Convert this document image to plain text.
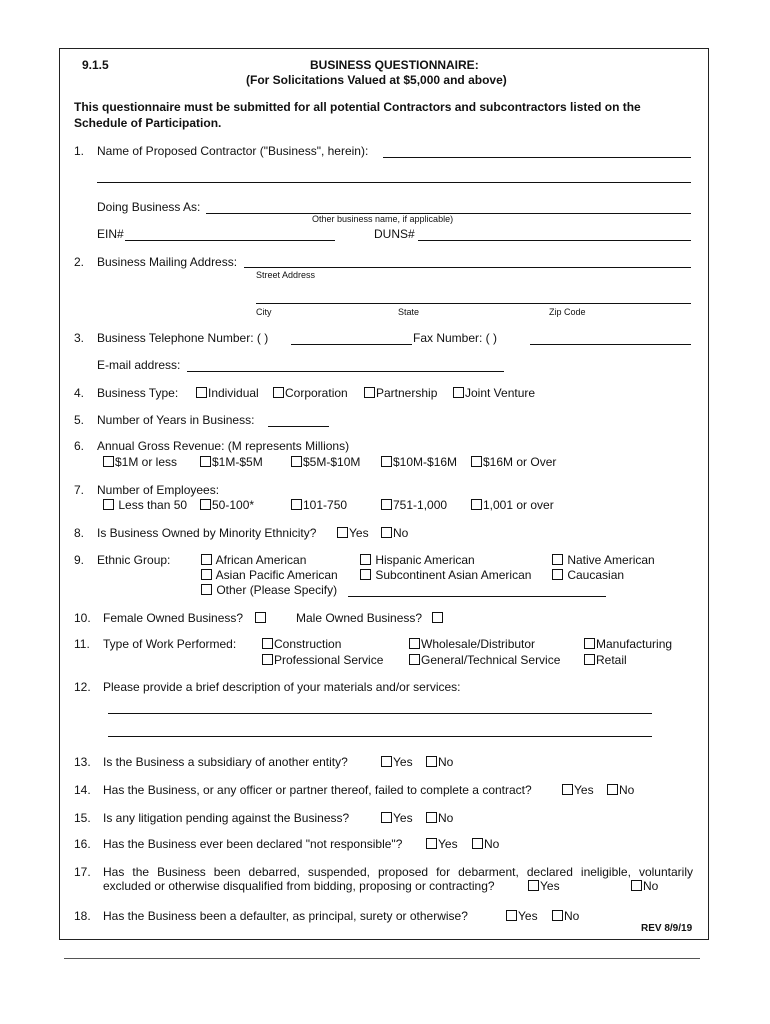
9.1.5	BUSINESS QUESTIONNAIRE:
(For Solicitations Valued at $5,000 and above)
This questionnaire must be submitted for all potential Contractors and subcontractors listed on the
Schedule of Participation.
1. Name of Proposed Contractor ("Business", herein):
Doing Business As:
Other business name, if applicable)
EIN#	DUNS#
2. Business Mailing Address:
Street Address
City	State	Zip Code
3. Business Telephone Number: ( )	Fax Number: ( )
E-mail address:
4. Business Type:	Individual	Corporation	Partnership	Joint Venture
5. Number of Years in Business:
6. Annual Gross Revenue: (M represents Millions)
$1M or less	$1M-$5M	$5M-$10M	$10M-$16M	$16M or Over
7. Number of Employees:
Less than 50	50-100*	101-750	751-1,000	1,001 or over
8. Is Business Owned by Minority Ethnicity?	Yes	No
9. Ethnic Group:	African American	Hispanic American	Native American
Asian Pacific American	Subcontinent Asian American	Caucasian
Other (Please Specify)
10. Female Owned Business?	Male Owned Business?
11. Type of Work Performed:	Construction	Wholesale/Distributor	Manufacturing
Professional Service	General/Technical Service	Retail
12. Please provide a brief description of your materials and/or services:
13. Is the Business a subsidiary of another entity?	Yes	No
14. Has the Business, or any officer or partner thereof, failed to complete a contract?	Yes	No
15. Is any litigation pending against the Business?	Yes	No
16. Has the Business ever been declared "not responsible"?	Yes	No
17. Has the Business been debarred, suspended, proposed for debarment, declared ineligible, voluntarily
excluded or otherwise disqualified from bidding, proposing or contracting?	Yes	No
18. Has the Business been a defaulter, as principal, surety or otherwise?	Yes	No
REV 8/9/19
